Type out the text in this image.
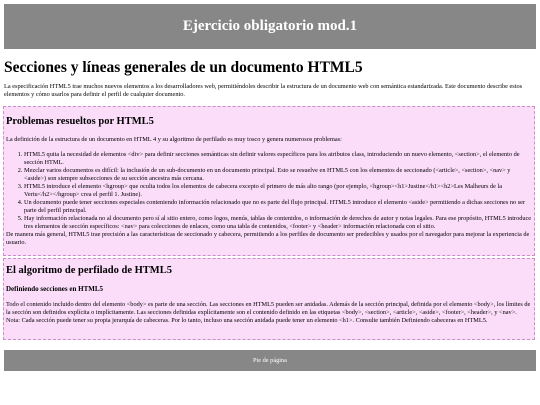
Ejercicio obligatorio mod.1
Secciones y líneas generales de un documento HTML5

La especificación HTML5 trae muchos nuevos elementos a los desarrolladores web, permitiéndoles describir la estructura de un documento web con semántica estandarizada. Este documento describe estos elementos y cómo usarlos para definir el perfil de cualquier documento.

Problemas resueltos por HTML5

La definición de la estructura de un documento en HTML 4 y su algoritmo de perfilado es muy tosco y genera numerosos problemas:

1. HTML5 quita la necesidad de elementos <div> para definir secciones semánticas sin definir valores específicos para los atributos class, introduciendo un nuevo elemento, <section>, el elemento de sección HTML.
2. Mezclar varios documentos es difícil: la inclusión de un sub-documento en un documento principal. Esto se resuelve en HTML5 con los elementos de seccionado (<article>, <section>, <nav> y <aside>) son siempre subsecciones de su sección ancestra más cercana.
3. HTML5 introduce el elemento <hgroup> que oculta todos los elementos de cabecera excepto el primero de más alto rango (por ejemplo, <hgroup><h1>Justine</h1><h2>Les Malheurs de la Vertu</h2></hgroup> crea el perfil 1. Justine).
4. Un documento puede tener secciones especiales conteniendo información relacionado que no es parte del flujo principal. HTML5 introduce el elemento <aside> permitiendo a dichas secciones no ser parte del perfil principal.
5. Hay información relacionada no al documento pero sí al sitio entero, como logos, menús, tablas de contenidos, o información de derechos de autor y notas legales. Para ese propósito, HTML5 introduce tres elementos de sección específicos: <nav> para colecciones de enlaces, como una tabla de contenidos, <footer> y <header> información relacionada con el sitio.

De manera más general, HTML5 trae precisión a las características de seccionado y cabecera, permitiendo a los perfiles de documento ser predecibles y usados por el navegador para mejorar la experiencia de usuario.

El algoritmo de perfilado de HTML5
Definiendo secciones en HTML5

Todo el contenido incluido dentro del elemento <body> es parte de una sección. Las secciones en HTML5 pueden ser anidadas. Además de la sección principal, definida por el elemento <body>, los límites de la sección son definidos explícita o implícitamente. Las secciones definidas explícitamente son el contenido definido en las etiquetas <body>, <section>, <article>, <aside>, <footer>, <header>, y <nav>. Nota: Cada sección puede tener su propia jerarquía de cabeceras. Por lo tanto, incluso una sección anidada puede tener un elemento <h1>. Consulte también Definiendo cabeceras en HTML5.

Pie de página
